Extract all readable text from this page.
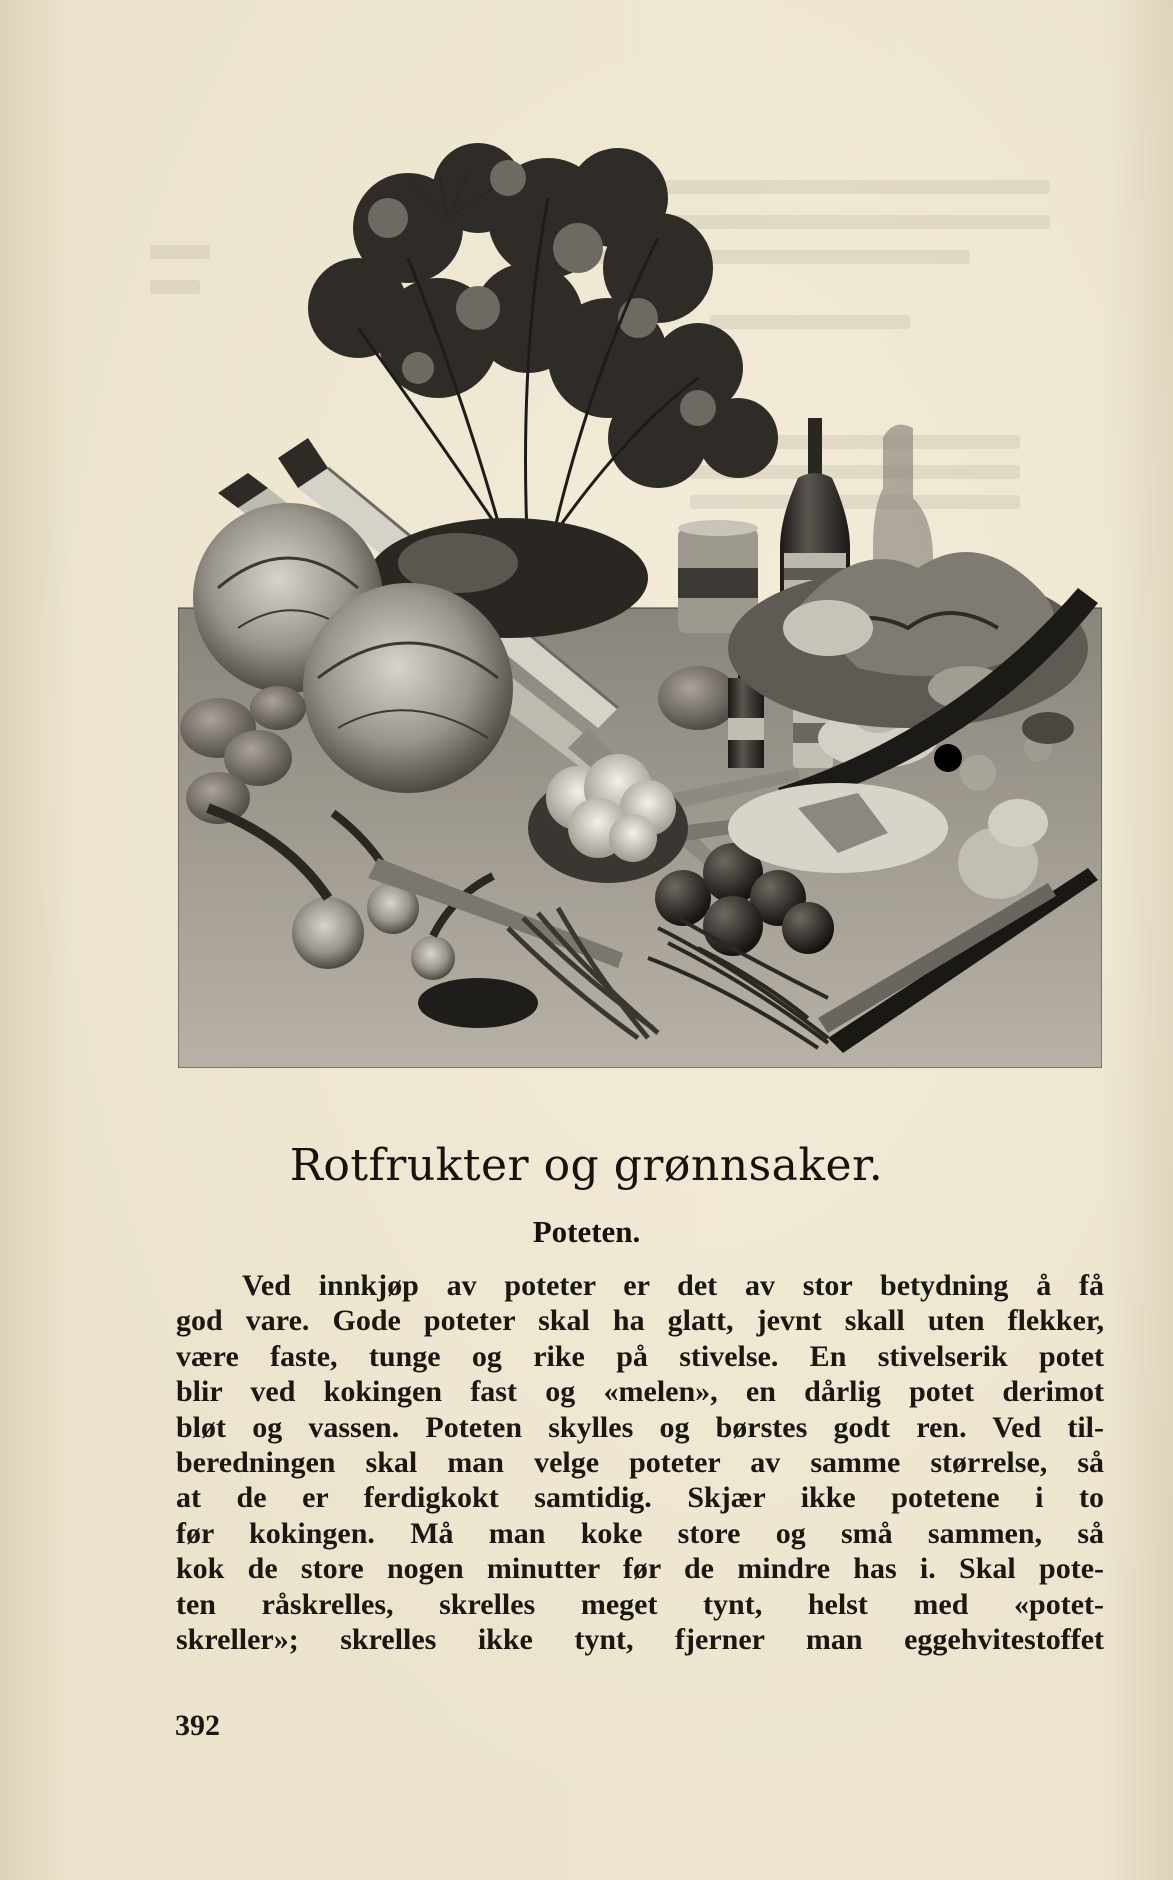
Rotfrukter og grønnsaker.
Poteten.
Ved innkjøp av poteter er det av stor betydning å få
god vare. Gode poteter skal ha glatt, jevnt skall uten flekker,
være faste, tunge og rike på stivelse. En stivelserik potet
blir ved kokingen fast og «melen», en dårlig potet derimot
bløt og vassen. Poteten skylles og børstes godt ren. Ved til-
beredningen skal man velge poteter av samme størrelse, så
at de er ferdigkokt samtidig. Skjær ikke potetene i to
før kokingen. Må man koke store og små sammen, så
kok de store nogen minutter før de mindre has i. Skal pote-
ten råskrelles, skrelles meget tynt, helst med «potet-
skreller»; skrelles ikke tynt, fjerner man eggehvitestoffet
392
